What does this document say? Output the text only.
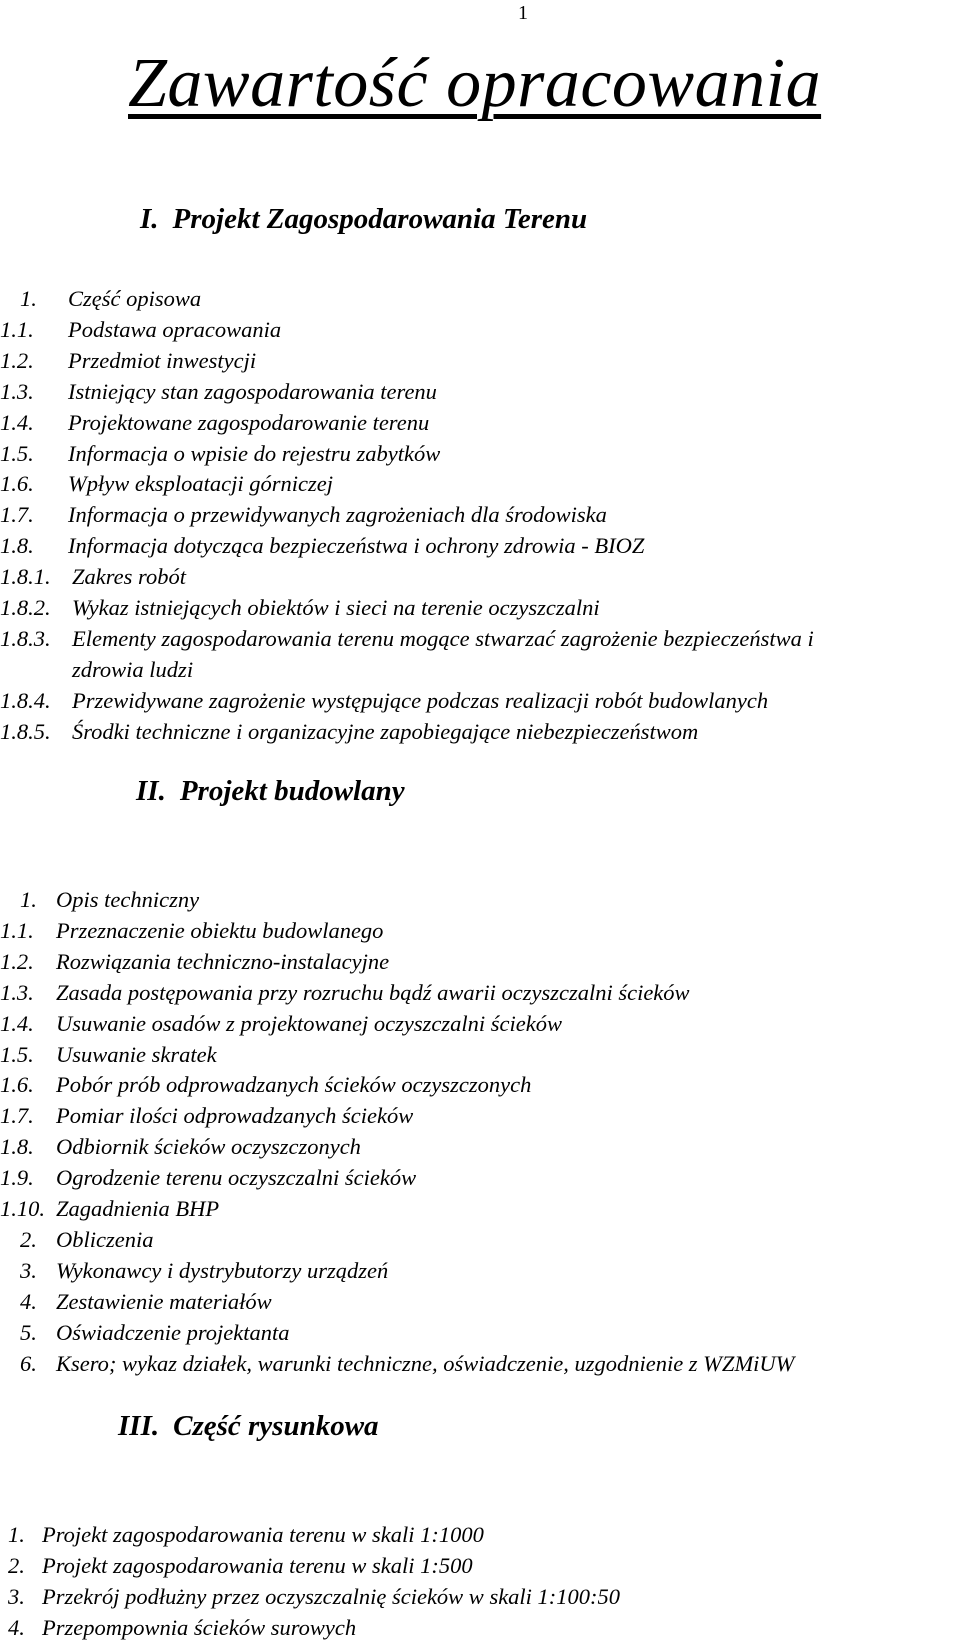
1
Zawartość opracowania
I. Projekt Zagospodarowania Terenu
1.	Część opisowa
1.1.	Podstawa opracowania
1.2.	Przedmiot inwestycji
1.3.	Istniejący stan zagospodarowania terenu
1.4.	Projektowane zagospodarowanie terenu
1.5.	Informacja o wpisie do rejestru zabytków
1.6.	Wpływ eksploatacji górniczej
1.7.	Informacja o przewidywanych zagrożeniach dla środowiska
1.8.	Informacja dotycząca bezpieczeństwa i ochrony zdrowia - BIOZ
1.8.1. Zakres robót
1.8.2. Wykaz istniejących obiektów i sieci na terenie oczyszczalni
1.8.3. Elementy zagospodarowania terenu mogące stwarzać zagrożenie bezpieczeństwa i
zdrowia ludzi
1.8.4. Przewidywane zagrożenie występujące podczas realizacji robót budowlanych
1.8.5. Środki techniczne i organizacyjne zapobiegające niebezpieczeństwom
II. Projekt budowlany
1. Opis techniczny
1.1. Przeznaczenie obiektu budowlanego
1.2. Rozwiązania techniczno-instalacyjne
1.3. Zasada postępowania przy rozruchu bądź awarii oczyszczalni ścieków
1.4. Usuwanie osadów z projektowanej oczyszczalni ścieków
1.5. Usuwanie skratek
1.6. Pobór prób odprowadzanych ścieków oczyszczonych
1.7. Pomiar ilości odprowadzanych ścieków
1.8. Odbiornik ścieków oczyszczonych
1.9. Ogrodzenie terenu oczyszczalni ścieków
1.10. Zagadnienia BHP
2. Obliczenia
3. Wykonawcy i dystrybutorzy urządzeń
4. Zestawienie materiałów
5. Oświadczenie projektanta
6. Ksero; wykaz działek, warunki techniczne, oświadczenie, uzgodnienie z WZMiUW
III. Część rysunkowa
1. Projekt zagospodarowania terenu w skali 1:1000
2. Projekt zagospodarowania terenu w skali 1:500
3. Przekrój podłużny przez oczyszczalnię ścieków w skali 1:100:50
4. Przepompownia ścieków surowych
